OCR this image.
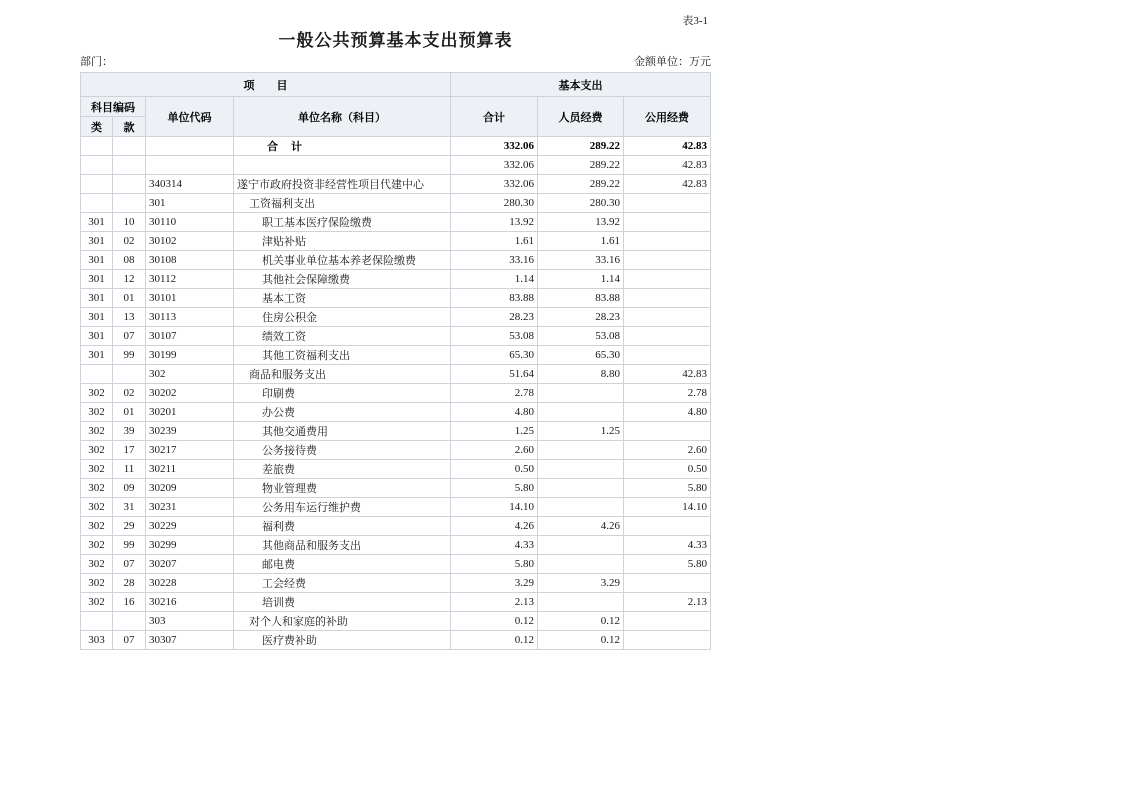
表3-1
一般公共预算基本支出预算表
部门：	金额单位：万元
项　　目				基本支出		
科目编码		单位代码	单位名称（科目）	合计	人员经费	公用经费
类	款					
			合　计	332.06	289.22	42.83
				332.06	289.22	42.83
		340314	遂宁市政府投资非经营性项目代建中心	332.06	289.22	42.83
		301	工资福利支出	280.30	280.30	
301	10	30110	职工基本医疗保险缴费	13.92	13.92	
301	02	30102	津贴补贴	1.61	1.61	
301	08	30108	机关事业单位基本养老保险缴费	33.16	33.16	
301	12	30112	其他社会保障缴费	1.14	1.14	
301	01	30101	基本工资	83.88	83.88	
301	13	30113	住房公积金	28.23	28.23	
301	07	30107	绩效工资	53.08	53.08	
301	99	30199	其他工资福利支出	65.30	65.30	
		302	商品和服务支出	51.64	8.80	42.83
302	02	30202	印刷费	2.78		2.78
302	01	30201	办公费	4.80		4.80
302	39	30239	其他交通费用	1.25	1.25	
302	17	30217	公务接待费	2.60		2.60
302	11	30211	差旅费	0.50		0.50
302	09	30209	物业管理费	5.80		5.80
302	31	30231	公务用车运行维护费	14.10		14.10
302	29	30229	福利费	4.26	4.26	
302	99	30299	其他商品和服务支出	4.33		4.33
302	07	30207	邮电费	5.80		5.80
302	28	30228	工会经费	3.29	3.29	
302	16	30216	培训费	2.13		2.13
		303	对个人和家庭的补助	0.12	0.12	
303	07	30307	医疗费补助	0.12	0.12	
